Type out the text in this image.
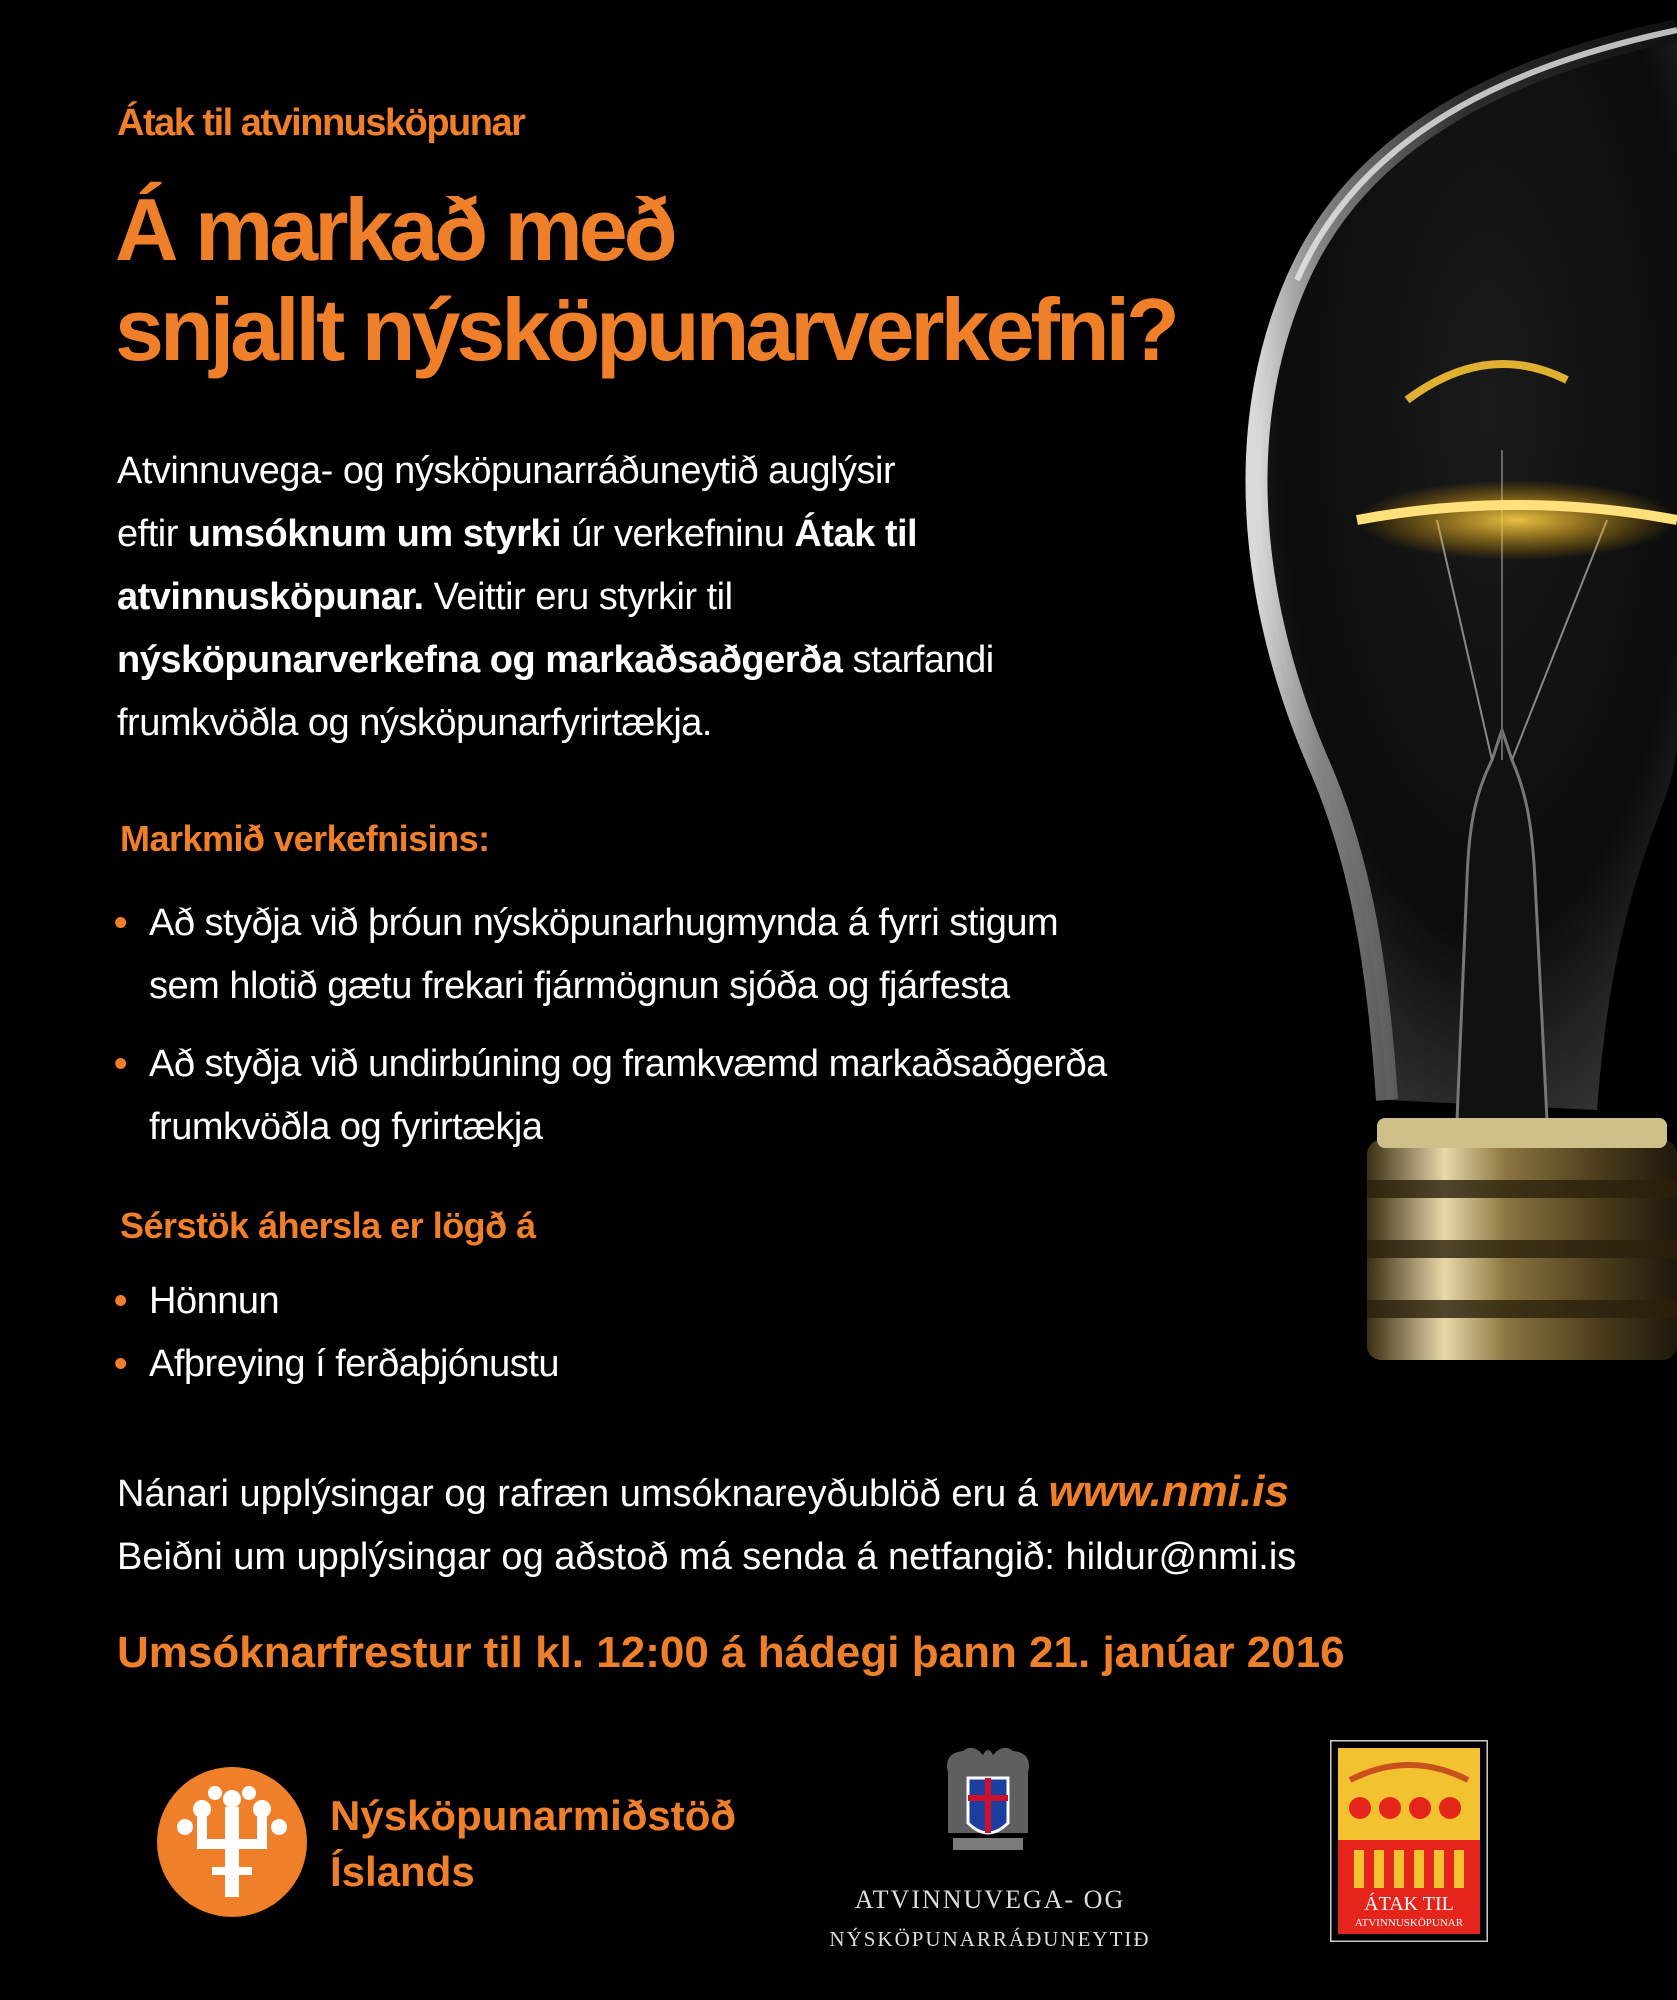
Átak til atvinnusköpunar
Á markað með
snjallt nýsköpunarverkefni?
Atvinnuvega- og nýsköpunarráðuneytið auglýsir
eftir umsóknum um styrki úr verkefninu Átak til atvinnusköpunar. Veittir eru styrkir til nýsköpunarverkefna og markaðsaðgerða starfandi frumkvöðla og nýsköpunarfyrirtækja.
Markmið verkefnisins:
• Að styðja við þróun nýsköpunarhugmynda á fyrri stigum
sem hlotið gætu frekari fjármögnun sjóða og fjárfesta
• Að styðja við undirbúning og framkvæmd markaðsaðgerða
frumkvöðla og fyrirtækja
Sérstök áhersla er lögð á
• Hönnun
• Afþreying í ferðaþjónustu
Nánari upplýsingar og rafræn umsóknareyðublöð eru á www.nmi.is
Beiðni um upplýsingar og aðstoð má senda á netfangið: hildur@nmi.is
Umsóknarfrestur til kl. 12:00 á hádegi þann 21. janúar 2016
Nýsköpunarmiðstöð
Íslands
ATVINNUVEGA- OG
NÝSKÖPUNARRÁÐUNEYTIÐ
ÁTAK TIL
ATVINNUSKÖPUNAR
